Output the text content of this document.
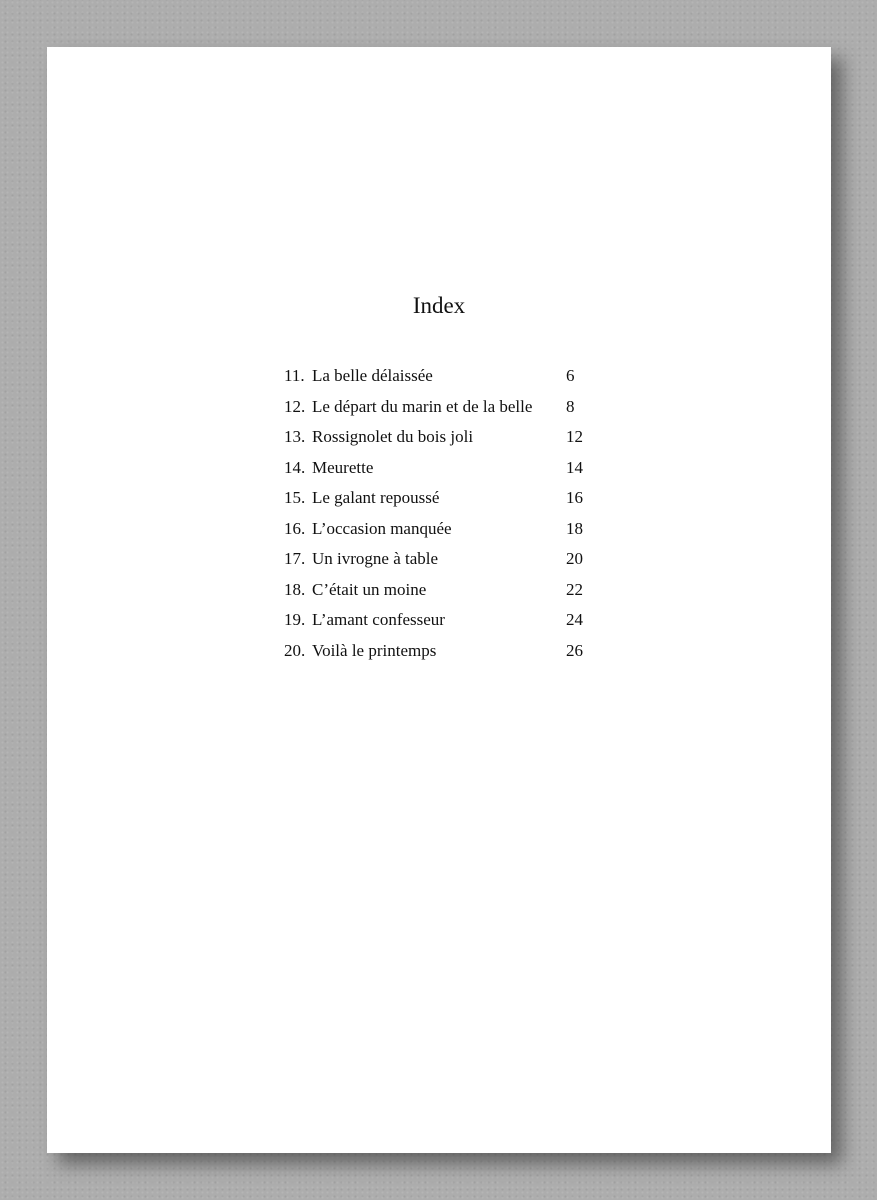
Index
11. La belle délaissée	6
12. Le départ du marin et de la belle 8
13. Rossignolet du bois joli	12
14. Meurette	14
15. Le galant repoussé	16
16. L’occasion manquée	18
17. Un ivrogne à table	20
18. C’était un moine	22
19. L’amant confesseur	24
20. Voilà le printemps	26
